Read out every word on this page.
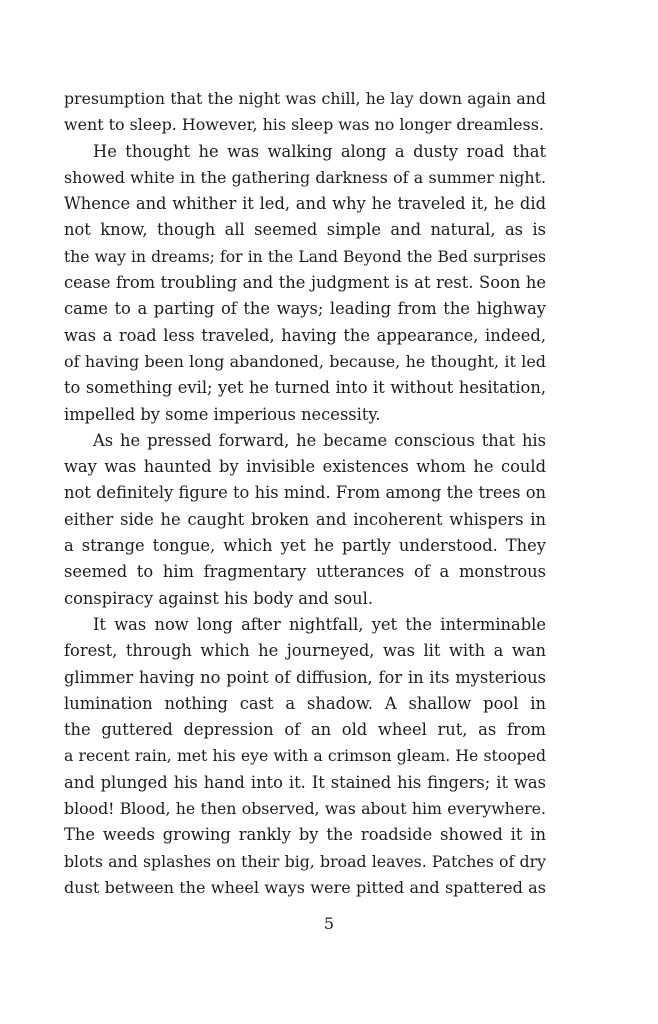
presumption that the night was chill, he lay down again and
went to sleep. However, his sleep was no longer dreamless.
He thought he was walking along a dusty road that
showed white in the gathering darkness of a summer night.
Whence and whither it led, and why he traveled it, he did
not know, though all seemed simple and natural, as is
the way in dreams; for in the Land Beyond the Bed surprises
cease from troubling and the judgment is at rest. Soon he
came to a parting of the ways; leading from the highway
was a road less traveled, having the appearance, indeed,
of having been long abandoned, because, he thought, it led
to something evil; yet he turned into it without hesitation,
impelled by some imperious necessity.
As he pressed forward, he became conscious that his
way was haunted by invisible existences whom he could
not definitely figure to his mind. From among the trees on
either side he caught broken and incoherent whispers in
a strange tongue, which yet he partly understood. They
seemed to him fragmentary utterances of a monstrous
conspiracy against his body and soul.
It was now long after nightfall, yet the interminable
forest, through which he journeyed, was lit with a wan
glimmer having no point of diffusion, for in its mysterious
lumination nothing cast a shadow. A shallow pool in
the guttered depression of an old wheel rut, as from
a recent rain, met his eye with a crimson gleam. He stooped
and plunged his hand into it. It stained his fingers; it was
blood! Blood, he then observed, was about him everywhere.
The weeds growing rankly by the roadside showed it in
blots and splashes on their big, broad leaves. Patches of dry
dust between the wheel ways were pitted and spattered as
5
